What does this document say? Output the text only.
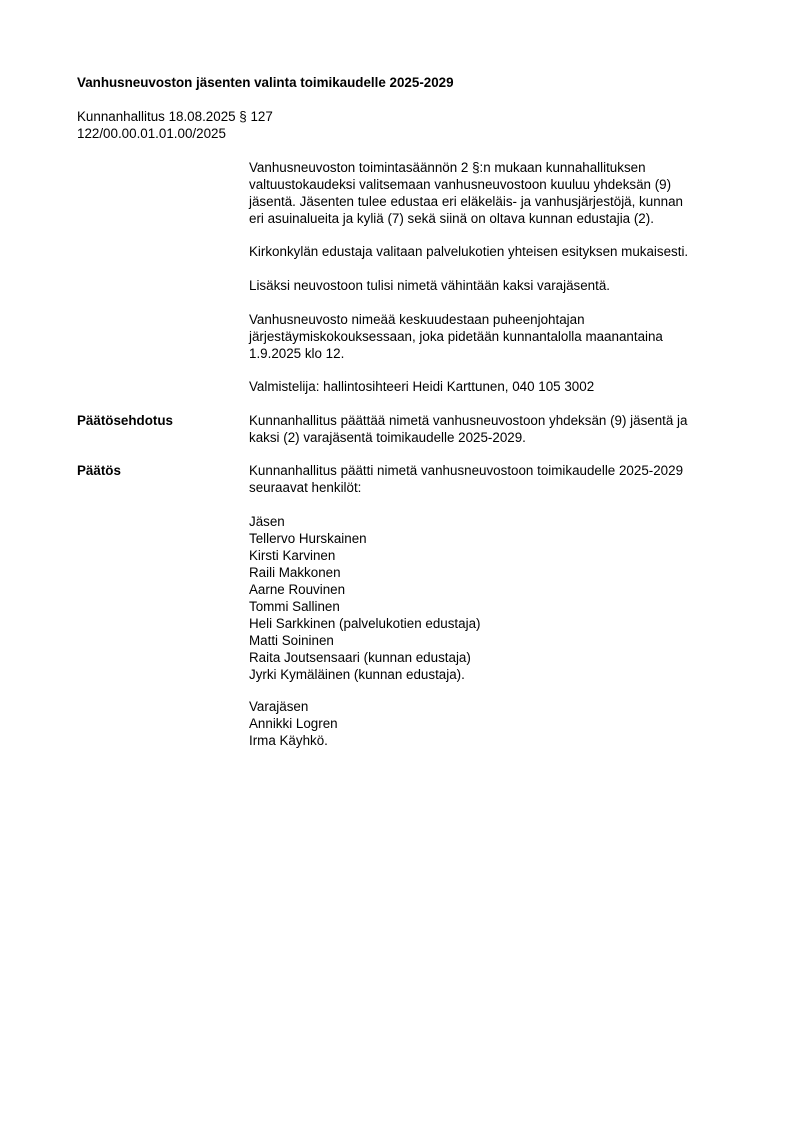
Vanhusneuvoston jäsenten valinta toimikaudelle 2025-2029
Kunnanhallitus 18.08.2025 § 127
122/00.00.01.01.00/2025

Vanhusneuvoston toimintasäännön 2 §:n mukaan kunnahallituksen

valtuustokaudeksi valitsemaan vanhusneuvostoon kuuluu yhdeksän (9)

jäsentä. Jäsenten tulee edustaa eri eläkeläis- ja vanhusjärjestöjä, kunnan

eri asuinalueita ja kyliä (7) sekä siinä on oltava kunnan edustajia (2).

Kirkonkylän edustaja valitaan palvelukotien yhteisen esityksen mukaisesti.

Lisäksi neuvostoon tulisi nimetä vähintään kaksi varajäsentä.

Vanhusneuvosto nimeää keskuudestaan puheenjohtajan

järjestäymiskokouksessaan, joka pidetään kunnantalolla maanantaina

1.9.2025 klo 12.

Valmistelija: hallintosihteeri Heidi Karttunen, 040 105 3002

Päätösehdotus	Kunnanhallitus päättää nimetä vanhusneuvostoon yhdeksän (9) jäsentä ja

kaksi (2) varajäsentä toimikaudelle 2025-2029.

Päätös	Kunnanhallitus päätti nimetä vanhusneuvostoon toimikaudelle 2025-2029

seuraavat henkilöt:

Jäsen
Tellervo Hurskainen
Kirsti Karvinen
Raili Makkonen
Aarne Rouvinen
Tommi Sallinen
Heli Sarkkinen (palvelukotien edustaja)
Matti Soininen
Raita Joutsensaari (kunnan edustaja)
Jyrki Kymäläinen (kunnan edustaja).
Varajäsen
Annikki Logren
Irma Käyhkö.
